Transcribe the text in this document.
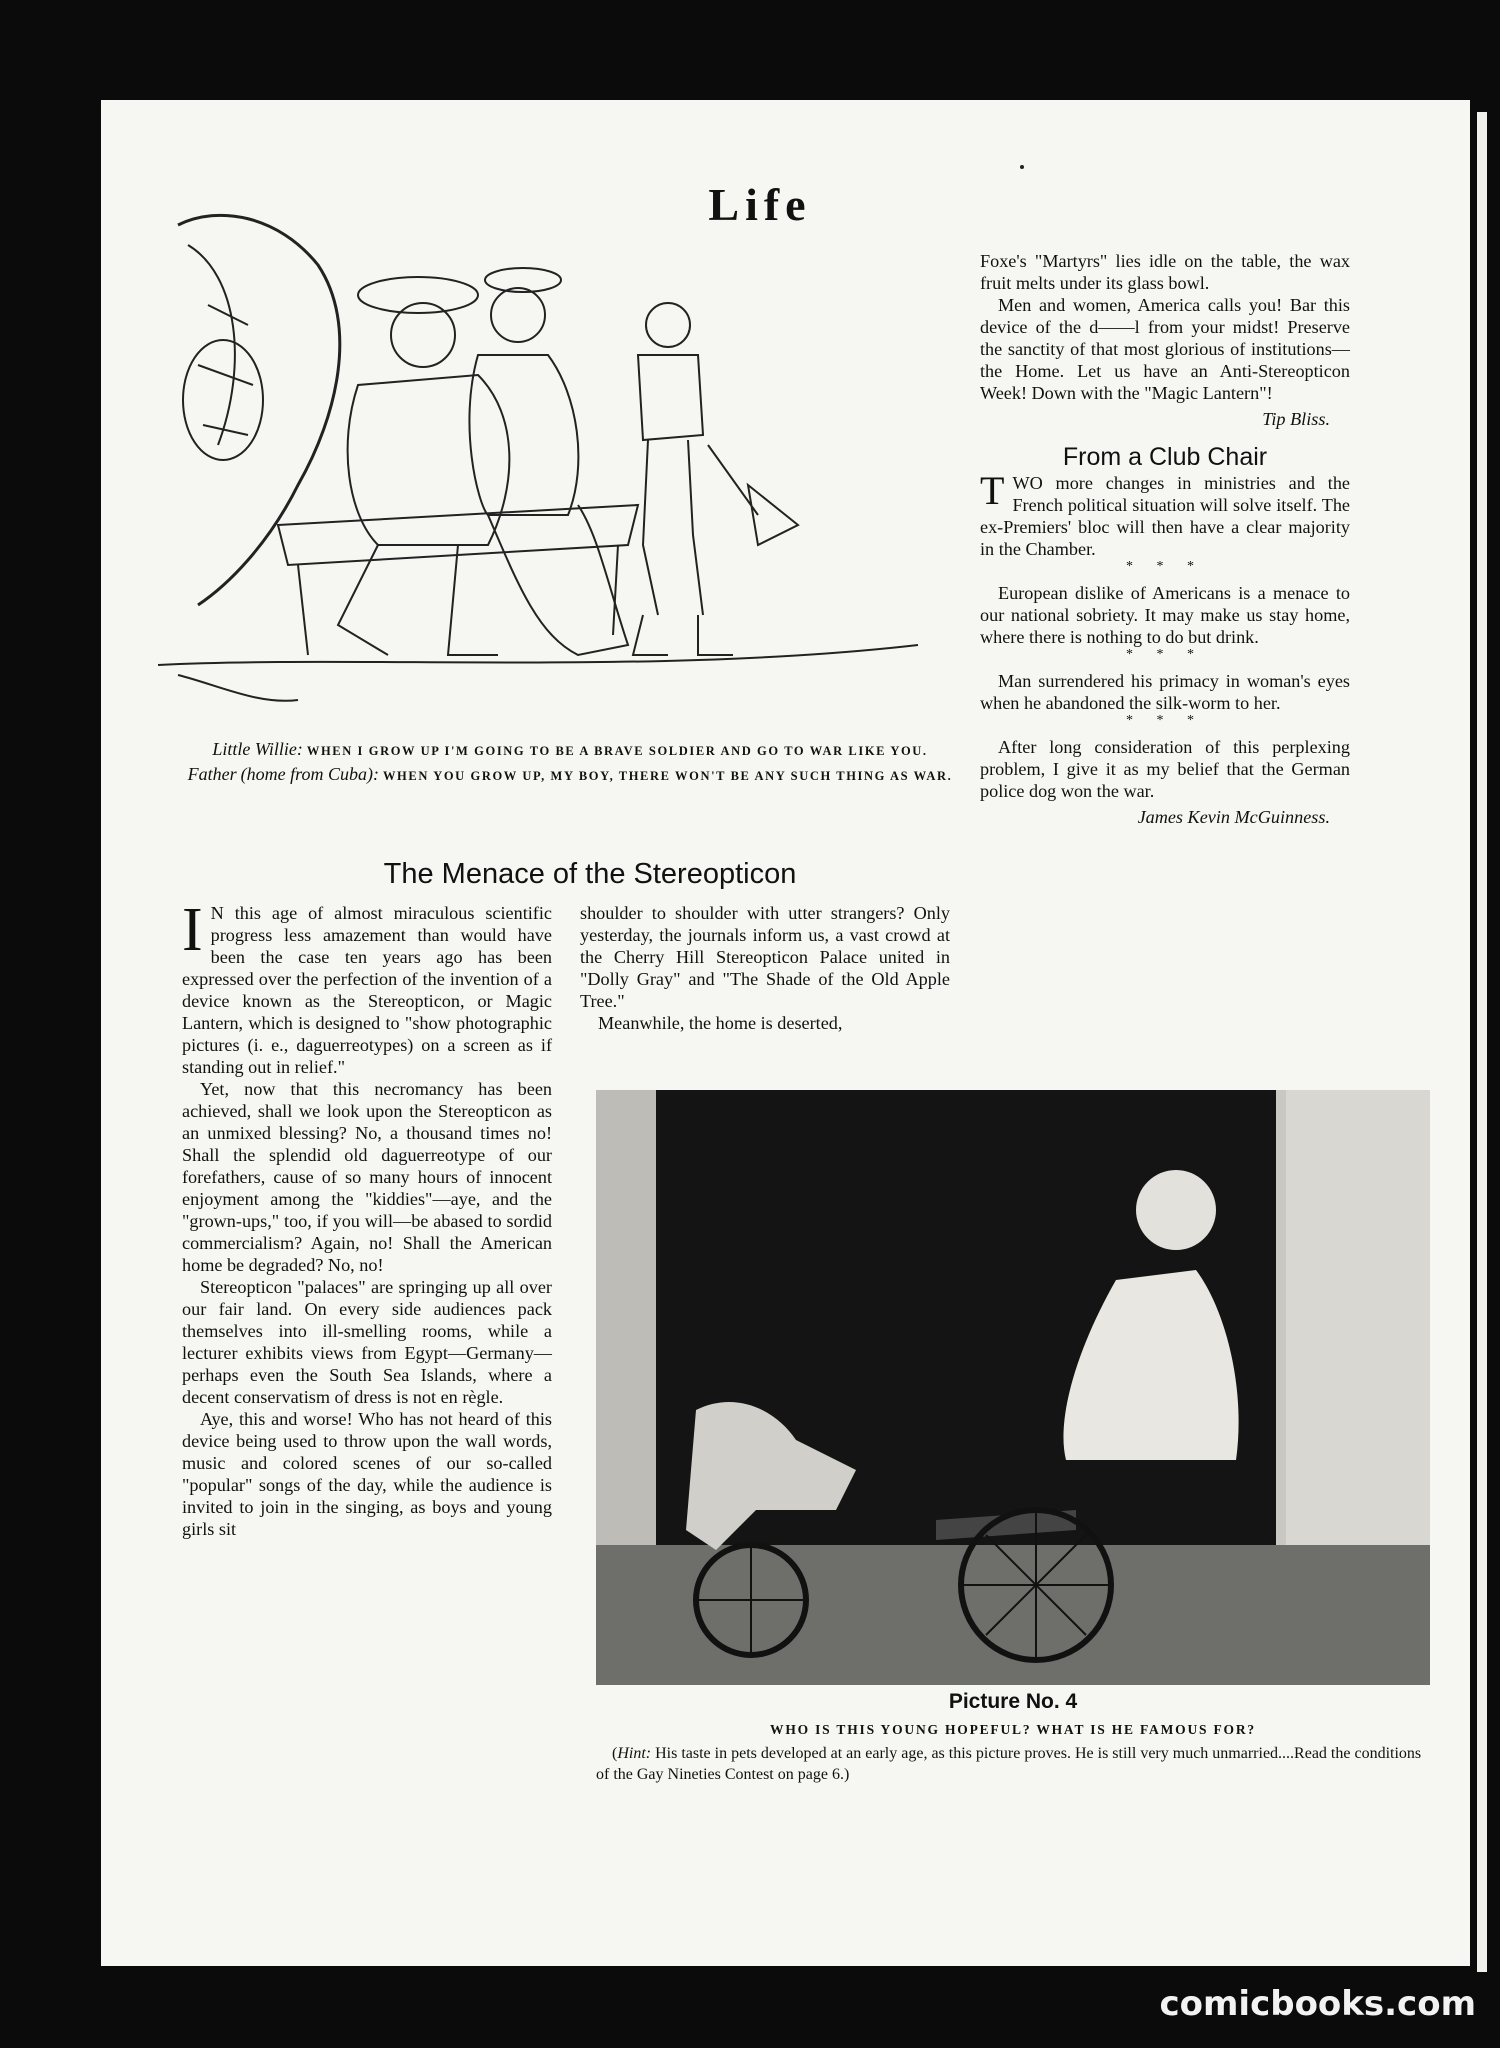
Life
Little Willie: WHEN I GROW UP I'M GOING TO BE A BRAVE SOLDIER AND GO TO WAR LIKE YOU.
Father (home from Cuba): WHEN YOU GROW UP, MY BOY, THERE WON'T BE ANY SUCH THING AS WAR.
The Menace of the Stereopticon

I N this age of almost miraculous scientific progress less amazement than would have been the case ten years ago has been expressed over the perfection of the invention of a device known as the Stereopticon, or Magic Lantern, which is designed to "show photographic pictures (i. e., daguerreotypes) on a screen as if standing out in relief."

Yet, now that this necromancy has been achieved, shall we look upon the Stereopticon as an unmixed blessing? No, a thousand times no! Shall the splendid old daguerreotype of our forefathers, cause of so many hours of innocent enjoyment among the "kiddies"—aye, and the "grown-ups," too, if you will—be abased to sordid commercialism? Again, no! Shall the American home be degraded? No, no!

Stereopticon "palaces" are springing up all over our fair land. On every side audiences pack themselves into ill-smelling rooms, while a lecturer exhibits views from Egypt—Germany—perhaps even the South Sea Islands, where a decent conservatism of dress is not en règle.

Aye, this and worse! Who has not heard of this device being used to throw upon the wall words, music and colored scenes of our so-called "popular" songs of the day, while the audience is invited to join in the singing, as boys and young girls sit

shoulder to shoulder with utter strangers? Only yesterday, the journals inform us, a vast crowd at the Cherry Hill Stereopticon Palace united in "Dolly Gray" and "The Shade of the Old Apple Tree."

Meanwhile, the home is deserted,

Foxe's "Martyrs" lies idle on the table, the wax fruit melts under its glass bowl.

Men and women, America calls you! Bar this device of the d——l from your midst! Preserve the sanctity of that most glorious of institutions—the Home. Let us have an Anti-Stereopticon Week! Down with the "Magic Lantern"!

Tip Bliss.
From a Club Chair

TWO more changes in ministries and the French political situation will solve itself. The ex-Premiers' bloc will then have a clear majority in the Chamber.

* * *

European dislike of Americans is a menace to our national sobriety. It may make us stay home, where there is nothing to do but drink.

* * *

Man surrendered his primacy in woman's eyes when he abandoned the silk-worm to her.

* * *

After long consideration of this perplexing problem, I give it as my belief that the German police dog won the war.

James Kevin McGuinness.
Picture No. 4
WHO IS THIS YOUNG HOPEFUL? WHAT IS HE FAMOUS FOR?
(Hint: His taste in pets developed at an early age, as this picture proves. He is still very much unmarried....Read the conditions of the Gay Nineties Contest on page 6.)
comicbooks.com
